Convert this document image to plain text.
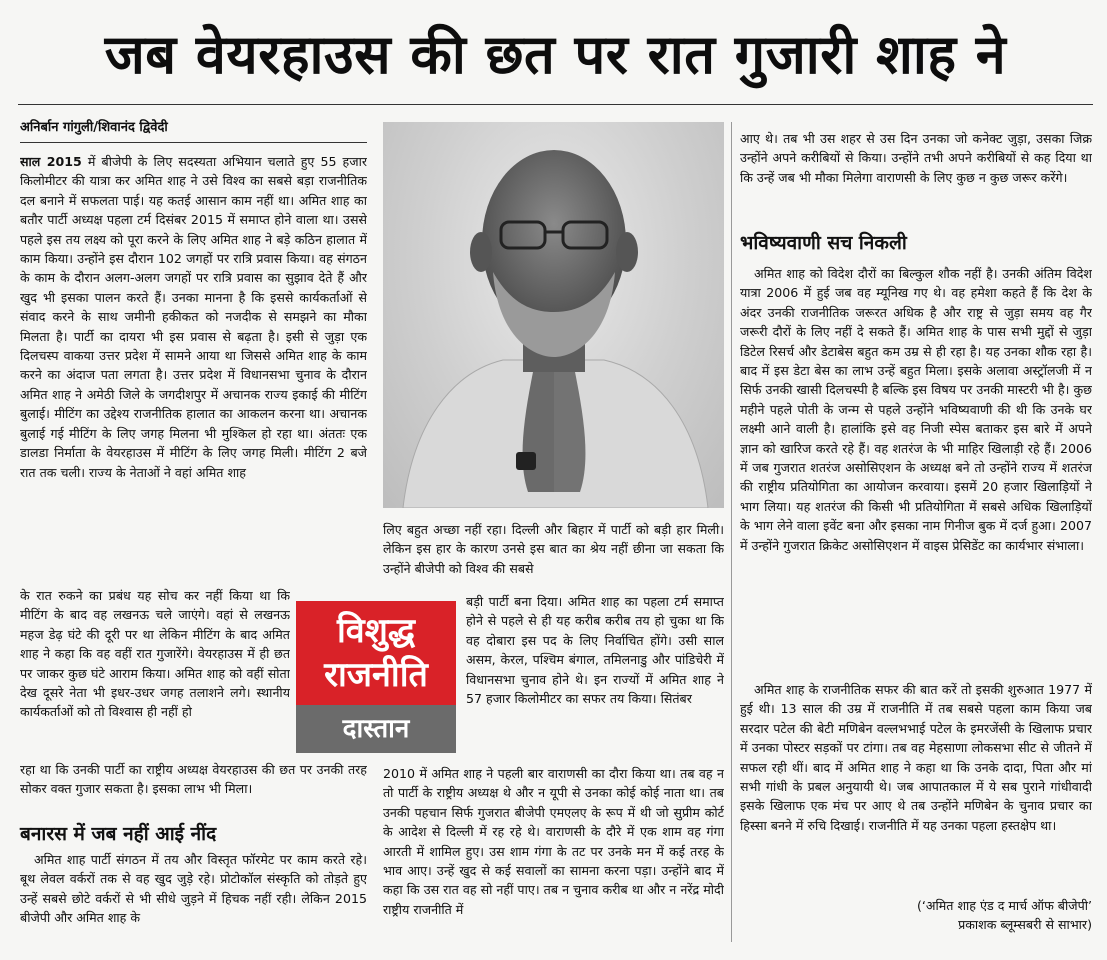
जब वेयरहाउस की छत पर रात गुजारी शाह ने
अनिर्बान गांगुली/शिवानंद द्विवेदी

साल 2015 में बीजेपी के लिए सदस्यता अभियान चलाते हुए 55 हजार किलोमीटर की यात्रा कर अमित शाह ने उसे विश्व का सबसे बड़ा राजनीतिक दल बनाने में सफलता पाई। यह कतई आसान काम नहीं था। अमित शाह का बतौर पार्टी अध्यक्ष पहला टर्म दिसंबर 2015 में समाप्त होने वाला था। उससे पहले इस तय लक्ष्य को पूरा करने के लिए अमित शाह ने बड़े कठिन हालात में काम किया। उन्होंने इस दौरान 102 जगहों पर रात्रि प्रवास किया। वह संगठन के काम के दौरान अलग-अलग जगहों पर रात्रि प्रवास का सुझाव देते हैं और खुद भी इसका पालन करते हैं। उनका मानना है कि इससे कार्यकर्ताओं से संवाद करने के साथ जमीनी हकीकत को नजदीक से समझने का मौका मिलता है। पार्टी का दायरा भी इस प्रवास से बढ़ता है। इसी से जुड़ा एक दिलचस्प वाकया उत्तर प्रदेश में सामने आया था जिससे अमित शाह के काम करने का अंदाज पता लगता है। उत्तर प्रदेश में विधानसभा चुनाव के दौरान अमित शाह ने अमेठी जिले के जगदीशपुर में अचानक राज्य इकाई की मीटिंग बुलाई। मीटिंग का उद्देश्य राजनीतिक हालात का आकलन करना था। अचानक बुलाई गई मीटिंग के लिए जगह मिलना भी मुश्किल हो रहा था। अंततः एक डालडा निर्माता के वेयरहाउस में मीटिंग के लिए जगह मिली। मीटिंग 2 बजे रात तक चली। राज्य के नेताओं ने वहां अमित शाह

के रात रुकने का प्रबंध यह सोच कर नहीं किया था कि मीटिंग के बाद वह लखनऊ चले जाएंगे। वहां से लखनऊ महज डेढ़ घंटे की दूरी पर था लेकिन मीटिंग के बाद अमित शाह ने कहा कि वह वहीं रात गुजारेंगे। वेयरहाउस में ही छत पर जाकर कुछ घंटे आराम किया। अमित शाह को वहीं सोता देख दूसरे नेता भी इधर-उधर जगह तलाशने लगे। स्थानीय कार्यकर्ताओं को तो विश्वास ही नहीं हो

रहा था कि उनकी पार्टी का राष्ट्रीय अध्यक्ष वेयरहाउस की छत पर उनकी तरह सोकर वक्त गुजार सकता है। इसका लाभ भी मिला।

बनारस में जब नहीं आई नींद

अमित शाह पार्टी संगठन में तय और विस्तृत फॉरमेट पर काम करते रहे। बूथ लेवल वर्करों तक से वह खुद जुड़े रहे। प्रोटोकॉल संस्कृति को तोड़ते हुए उन्हें सबसे छोटे वर्करों से भी सीधे जुड़ने में हिचक नहीं रही। लेकिन 2015 बीजेपी और अमित शाह के

लिए बहुत अच्छा नहीं रहा। दिल्ली और बिहार में पार्टी को बड़ी हार मिली। लेकिन इस हार के कारण उनसे इस बात का श्रेय नहीं छीना जा सकता कि उन्होंने बीजेपी को विश्व की सबसे

बड़ी पार्टी बना दिया। अमित शाह का पहला टर्म समाप्त होने से पहले से ही यह करीब करीब तय हो चुका था कि वह दोबारा इस पद के लिए निर्वाचित होंगे। उसी साल असम, केरल, पश्चिम बंगाल, तमिलनाडु और पांडिचेरी में विधानसभा चुनाव होने थे। इन राज्यों में अमित शाह ने 57 हजार किलोमीटर का सफर तय किया। सितंबर

2010 में अमित शाह ने पहली बार वाराणसी का दौरा किया था। तब वह न तो पार्टी के राष्ट्रीय अध्यक्ष थे और न यूपी से उनका कोई कोई नाता था। तब उनकी पहचान सिर्फ गुजरात बीजेपी एमएलए के रूप में थी जो सुप्रीम कोर्ट के आदेश से दिल्ली में रह रहे थे। वाराणसी के दौरे में एक शाम वह गंगा आरती में शामिल हुए। उस शाम गंगा के तट पर उनके मन में कई तरह के भाव आए। उन्हें खुद से कई सवालों का सामना करना पड़ा। उन्होंने बाद में कहा कि उस रात वह सो नहीं पाए। तब न चुनाव करीब था और न नरेंद्र मोदी राष्ट्रीय राजनीति में

विशुद्ध
राजनीति
दास्तान

आए थे। तब भी उस शहर से उस दिन उनका जो कनेक्ट जुड़ा, उसका जिक्र उन्होंने अपने करीबियों से किया। उन्होंने तभी अपने करीबियों से कह दिया था कि उन्हें जब भी मौका मिलेगा वाराणसी के लिए कुछ न कुछ जरूर करेंगे।

भविष्यवाणी सच निकली

अमित शाह को विदेश दौरों का बिल्कुल शौक नहीं है। उनकी अंतिम विदेश यात्रा 2006 में हुई जब वह म्यूनिख गए थे। वह हमेशा कहते हैं कि देश के अंदर उनकी राजनीतिक जरूरत अधिक है और राष्ट्र से जुड़ा समय वह गैर जरूरी दौरों के लिए नहीं दे सकते हैं। अमित शाह के पास सभी मुद्दों से जुड़ा डिटेल रिसर्च और डेटाबेस बहुत कम उम्र से ही रहा है। यह उनका शौक रहा है। बाद में इस डेटा बेस का लाभ उन्हें बहुत मिला। इसके अलावा अस्ट्रॉलजी में न सिर्फ उनकी खासी दिलचस्पी है बल्कि इस विषय पर उनकी मास्टरी भी है। कुछ महीने पहले पोती के जन्म से पहले उन्होंने भविष्यवाणी की थी कि उनके घर लक्ष्मी आने वाली है। हालांकि इसे वह निजी स्पेस बताकर इस बारे में अपने ज्ञान को खारिज करते रहे हैं। वह शतरंज के भी माहिर खिलाड़ी रहे हैं। 2006 में जब गुजरात शतरंज असोसिएशन के अध्यक्ष बने तो उन्होंने राज्य में शतरंज की राष्ट्रीय प्रतियोगिता का आयोजन करवाया। इसमें 20 हजार खिलाड़ियों ने भाग लिया। यह शतरंज की किसी भी प्रतियोगिता में सबसे अधिक खिलाड़ियों के भाग लेने वाला इवेंट बना और इसका नाम गिनीज बुक में दर्ज हुआ। 2007 में उन्होंने गुजरात क्रिकेट असोसिएशन में वाइस प्रेसिडेंट का कार्यभार संभाला।

अमित शाह के राजनीतिक सफर की बात करें तो इसकी शुरुआत 1977 में हुई थी। 13 साल की उम्र में राजनीति में तब सबसे पहला काम किया जब सरदार पटेल की बेटी मणिबेन वल्लभभाई पटेल के इमरजेंसी के खिलाफ प्रचार में उनका पोस्टर सड़कों पर टांगा। तब वह मेहसाणा लोकसभा सीट से जीतने में सफल रही थीं। बाद में अमित शाह ने कहा था कि उनके दादा, पिता और मां सभी गांधी के प्रबल अनुयायी थे। जब आपातकाल में ये सब पुराने गांधीवादी इसके खिलाफ एक मंच पर आए थे तब उन्होंने मणिबेन के चुनाव प्रचार का हिस्सा बनने में रुचि दिखाई। राजनीति में यह उनका पहला हस्तक्षेप था।

(‘अमित शाह एंड द मार्च ऑफ बीजेपी’
प्रकाशक ब्लूम्सबरी से साभार)
